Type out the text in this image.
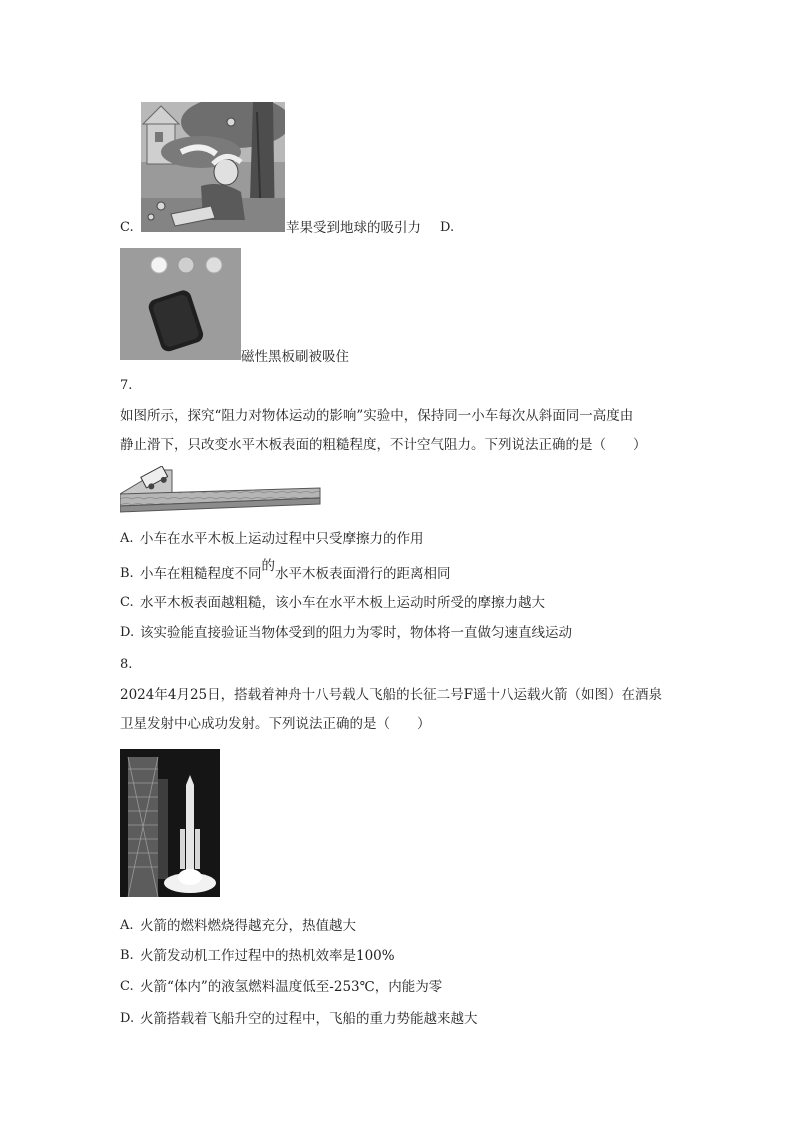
C.	苹果受到地球的吸引力 D.
磁性黑板刷被吸住
7.
如图所示，探究“阻力对物体运动的影响”实验中，保持同一小车每次从斜面同一高度由
静止滑下，只改变水平木板表面的粗糙程度，不计空气阻力。下列说法正确的是（　　）
A. 小车在水平木板上运动过程中只受摩擦力的作用
B. 小车在粗糙程度不同的水平木板表面滑行的距离相同
C. 水平木板表面越粗糙，该小车在水平木板上运动时所受的摩擦力越大
D. 该实验能直接验证当物体受到的阻力为零时，物体将一直做匀速直线运动
8.
2024年4月25日，搭载着神舟十八号载人飞船的长征二号F遥十八运载火箭（如图）在酒泉
卫星发射中心成功发射。下列说法正确的是（　　）
A. 火箭的燃料燃烧得越充分，热值越大
B. 火箭发动机工作过程中的热机效率是100%
C. 火箭“体内”的液氢燃料温度低至-253℃，内能为零
D. 火箭搭载着飞船升空的过程中，飞船的重力势能越来越大
